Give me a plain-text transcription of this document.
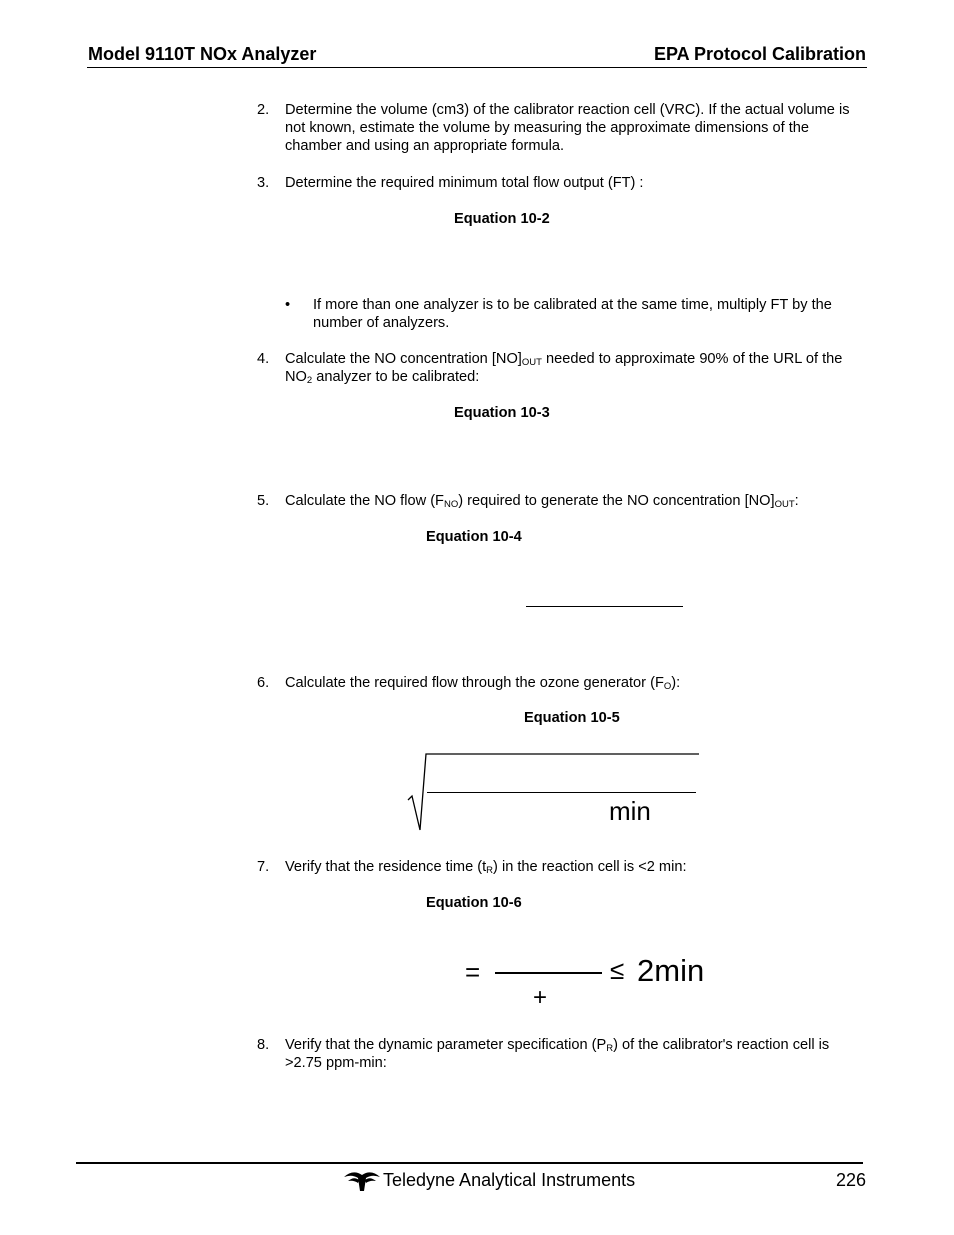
Model 9110T NOx Analyzer	EPA Protocol Calibration
2. Determine the volume (cm3) of the calibrator reaction cell (VRC). If the actual volume is not known, estimate the volume by measuring the approximate dimensions of the chamber and using an appropriate formula.
3. Determine the required minimum total flow output (FT) :
Equation 10-2
• If more than one analyzer is to be calibrated at the same time, multiply FT by the number of analyzers.
4. Calculate the NO concentration $[NO]_{OUT}$ needed to approximate 90% of the URL of the $NO_2$ analyzer to be calibrated:
Equation 10-3
5. Calculate the NO flow $(F_{NO})$ required to generate the NO concentration $[NO]_{OUT}$:
Equation 10-4
6. Calculate the required flow through the ozone generator $(F_O)$:
Equation 10-5
min
7. Verify that the residence time $(t_R)$ in the reaction cell is <2 min:
Equation 10-6
=
+
≤ 2min
8. Verify that the dynamic parameter specification $(P_R)$ of the calibrator's reaction cell is >2.75 ppm-min:
Teledyne Analytical Instruments	226
